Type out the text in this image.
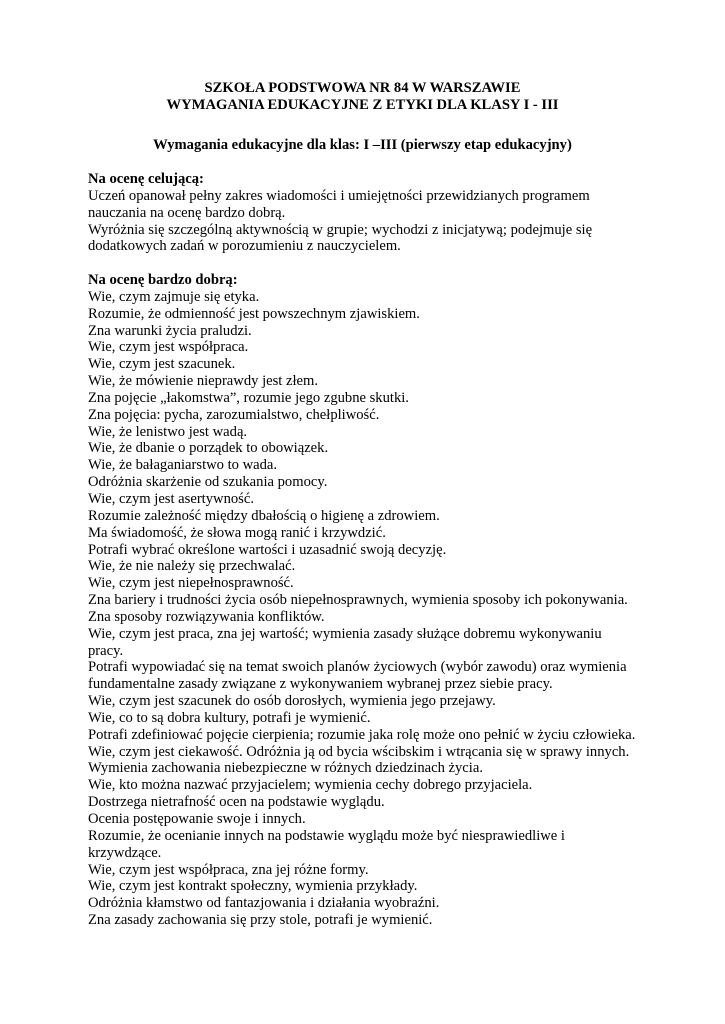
SZKOŁA PODSTWOWA NR 84 W WARSZAWIE
WYMAGANIA EDUKACYJNE Z ETYKI DLA KLASY I - III
Wymagania edukacyjne dla klas: I –III (pierwszy etap edukacyjny)
Na ocenę celującą:
Uczeń opanował pełny zakres wiadomości i umiejętności przewidzianych programem
nauczania na ocenę bardzo dobrą.
Wyróżnia się szczególną aktywnością w grupie; wychodzi z inicjatywą; podejmuje się
dodatkowych zadań w porozumieniu z nauczycielem.
Na ocenę bardzo dobrą:
Wie, czym zajmuje się etyka.
Rozumie, że odmienność jest powszechnym zjawiskiem.
Zna warunki życia praludzi.
Wie, czym jest współpraca.
Wie, czym jest szacunek.
Wie, że mówienie nieprawdy jest złem.
Zna pojęcie „łakomstwa”, rozumie jego zgubne skutki.
Zna pojęcia: pycha, zarozumialstwo, chełpliwość.
Wie, że lenistwo jest wadą.
Wie, że dbanie o porządek to obowiązek.
Wie, że bałaganiarstwo to wada.
Odróżnia skarżenie od szukania pomocy.
Wie, czym jest asertywność.
Rozumie zależność między dbałością o higienę a zdrowiem.
Ma świadomość, że słowa mogą ranić i krzywdzić.
Potrafi wybrać określone wartości i uzasadnić swoją decyzję.
Wie, że nie należy się przechwalać.
Wie, czym jest niepełnosprawność.
Zna bariery i trudności życia osób niepełnosprawnych, wymienia sposoby ich pokonywania.
Zna sposoby rozwiązywania konfliktów.
Wie, czym jest praca, zna jej wartość; wymienia zasady służące dobremu wykonywaniu
pracy.
Potrafi wypowiadać się na temat swoich planów życiowych (wybór zawodu) oraz wymienia
fundamentalne zasady związane z wykonywaniem wybranej przez siebie pracy.
Wie, czym jest szacunek do osób dorosłych, wymienia jego przejawy.
Wie, co to są dobra kultury, potrafi je wymienić.
Potrafi zdefiniować pojęcie cierpienia; rozumie jaka rolę może ono pełnić w życiu człowieka.
Wie, czym jest ciekawość. Odróżnia ją od bycia wścibskim i wtrącania się w sprawy innych.
Wymienia zachowania niebezpieczne w różnych dziedzinach życia.
Wie, kto można nazwać przyjacielem; wymienia cechy dobrego przyjaciela.
Dostrzega nietrafność ocen na podstawie wyglądu.
Ocenia postępowanie swoje i innych.
Rozumie, że ocenianie innych na podstawie wyglądu może być niesprawiedliwe i
krzywdzące.
Wie, czym jest współpraca, zna jej różne formy.
Wie, czym jest kontrakt społeczny, wymienia przykłady.
Odróżnia kłamstwo od fantazjowania i działania wyobraźni.
Zna zasady zachowania się przy stole, potrafi je wymienić.
